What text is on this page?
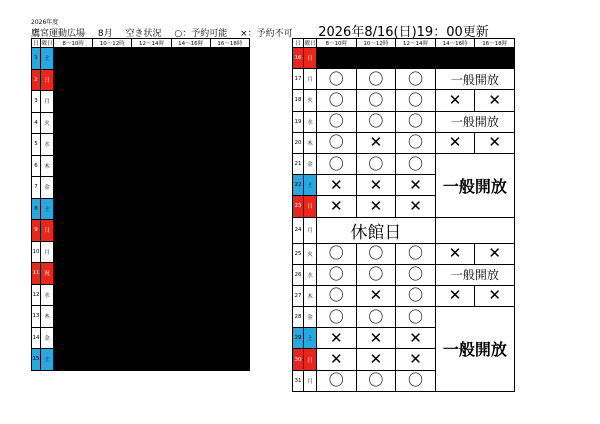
2026年度
鷹宮運動広場 8月 空き状況 ○：予約可能 ×：予約不可	2026年8/16(日)19：00更新
日	曜日	8～10時	10～12時	12～14時	14～16時	16～18時
1	土					
2	日					
3	月					
4	火					
5	水					
6	木					
7	金					
8	土					
9	日					
10	月					
11	祝					
12	水					
13	木					
14	金					
15	土					
日	曜日	8～10時	10～12時	12～14時	14～16時	16～18時
16	日					
17	月	〇	〇	〇	一般開放	
18	火	〇	〇	〇	✕	✕
19	水	〇	〇	〇	一般開放	
20	木	〇	✕	〇	✕	✕
21	金	〇	〇	〇	一般開放	
22	土	✕	✕	✕		
23	日	✕	✕	✕		
24	月	休館日				
25	火	〇	〇	〇	✕	✕
26	水	〇	〇	〇	一般開放	
27	木	〇	✕	〇	✕	✕
28	金	〇	〇	〇	一般開放	
29	土	✕	✕	✕		
30	日	✕	✕	✕		
31	月	〇	〇	〇		
